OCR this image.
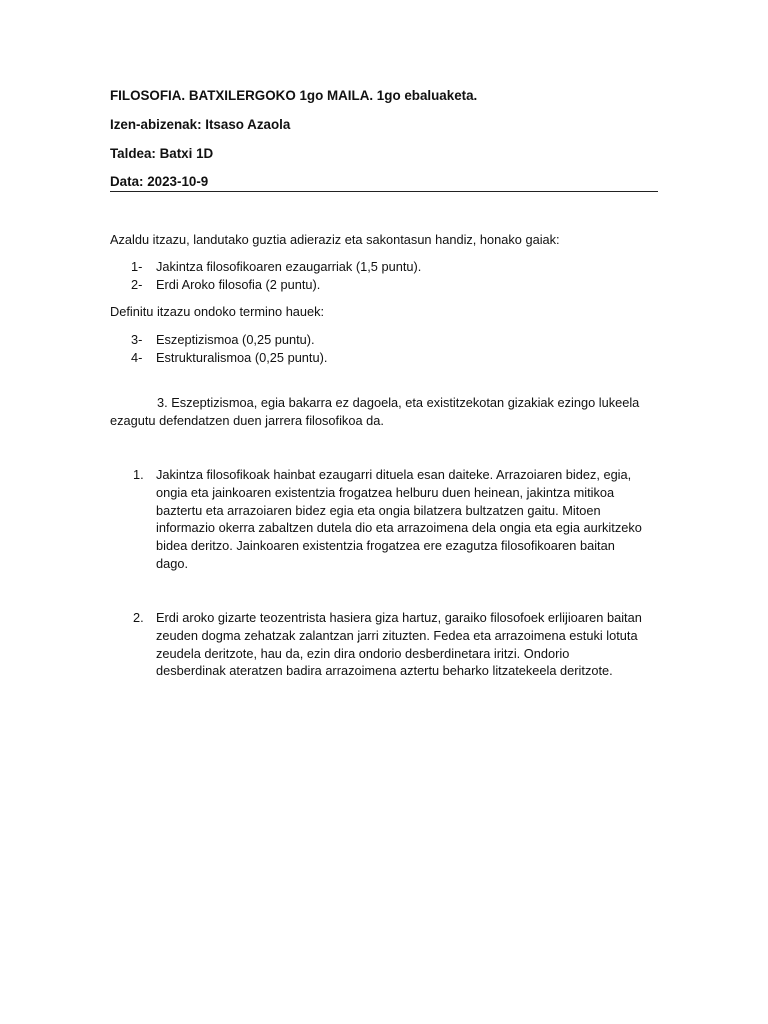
FILOSOFIA. BATXILERGOKO 1go MAILA. 1go ebaluaketa.
Izen-abizenak: Itsaso Azaola
Taldea: Batxi 1D
Data: 2023-10-9
Azaldu itzazu, landutako guztia adieraziz eta sakontasun handiz, honako gaiak:
1- Jakintza filosofikoaren ezaugarriak (1,5 puntu).
2- Erdi Aroko filosofia (2 puntu).
Definitu itzazu ondoko termino hauek:
3- Eszeptizismoa (0,25 puntu).
4- Estrukturalismoa (0,25 puntu).

3. Eszeptizismoa, egia bakarra ez dagoela, eta existitzekotan gizakiak ezingo lukeela

ezagutu defendatzen duen jarrera filosofikoa da.

1. Jakintza filosofikoak hainbat ezaugarri dituela esan daiteke. Arrazoiaren bidez, egia,

ongia eta jainkoaren existentzia frogatzea helburu duen heinean, jakintza mitikoa

baztertu eta arrazoiaren bidez egia eta ongia bilatzera bultzatzen gaitu. Mitoen

informazio okerra zabaltzen dutela dio eta arrazoimena dela ongia eta egia aurkitzeko

bidea deritzo. Jainkoaren existentzia frogatzea ere ezagutza filosofikoaren baitan

dago.

2. Erdi aroko gizarte teozentrista hasiera giza hartuz, garaiko filosofoek erlijioaren baitan

zeuden dogma zehatzak zalantzan jarri zituzten. Fedea eta arrazoimena estuki lotuta

zeudela deritzote, hau da, ezin dira ondorio desberdinetara iritzi. Ondorio

desberdinak ateratzen badira arrazoimena aztertu beharko litzatekeela deritzote.
